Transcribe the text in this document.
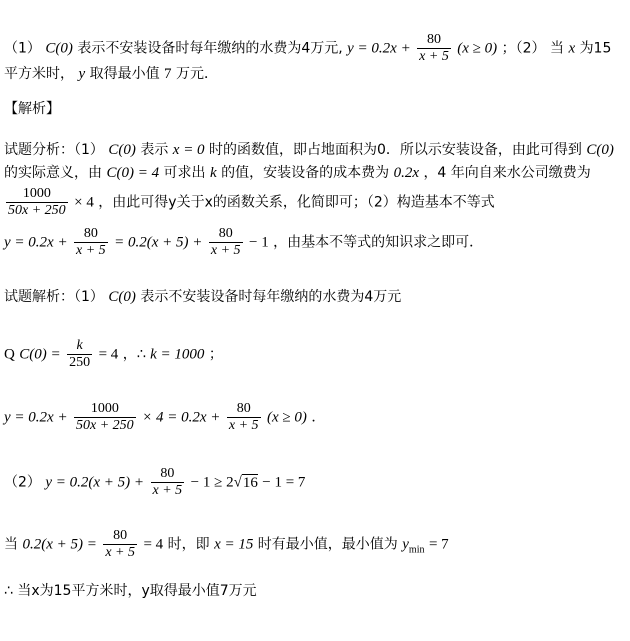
（1） C(0) 表示不安装设备时每年缴纳的水费为4万元, $y = 0.2x + \frac{80}{x + 5} (x \ge 0)$ ；（2） 当 x 为15
平方米时， y 取得最小值 7 万元．
【解析】
试题分析：（1） C(0) 表示 x = 0 时的函数值，即占地面积为0．所以示安装设备，由此可得到 C(0)
的实际意义，由 C(0) = 4 可求出 k 的值，安装设备的成本费为 0.2x ，4 年向自来水公司缴费为
$\frac{1000}{50x + 250} \times 4$ ，由此可得y关于x的函数关系，化简即可；（2）构造基本不等式
$y = 0.2x + \frac{80}{x + 5} = 0.2(x + 5) + \frac{80}{x + 5} - 1$ ，由基本不等式的知识求之即可．
试题解析：（1） C(0) 表示不安装设备时每年缴纳的水费为4万元
Q $C(0) = \frac{k}{250} = 4$ ，∴ k = 1000 ；
$y = 0.2x + \frac{1000}{50x + 250} \times 4 = 0.2x + \frac{80}{x + 5} (x \ge 0)$ ．
（2） $y = 0.2(x + 5) + \frac{80}{x + 5} - 1 \ge 2√16 - 1 = 7$
当 $0.2(x + 5) = \frac{80}{x + 5} = 4$ 时，即 x = 15 时有最小值，最小值为 $y_{min} = 7$
∴ 当x为15平方米时，y取得最小值7万元
